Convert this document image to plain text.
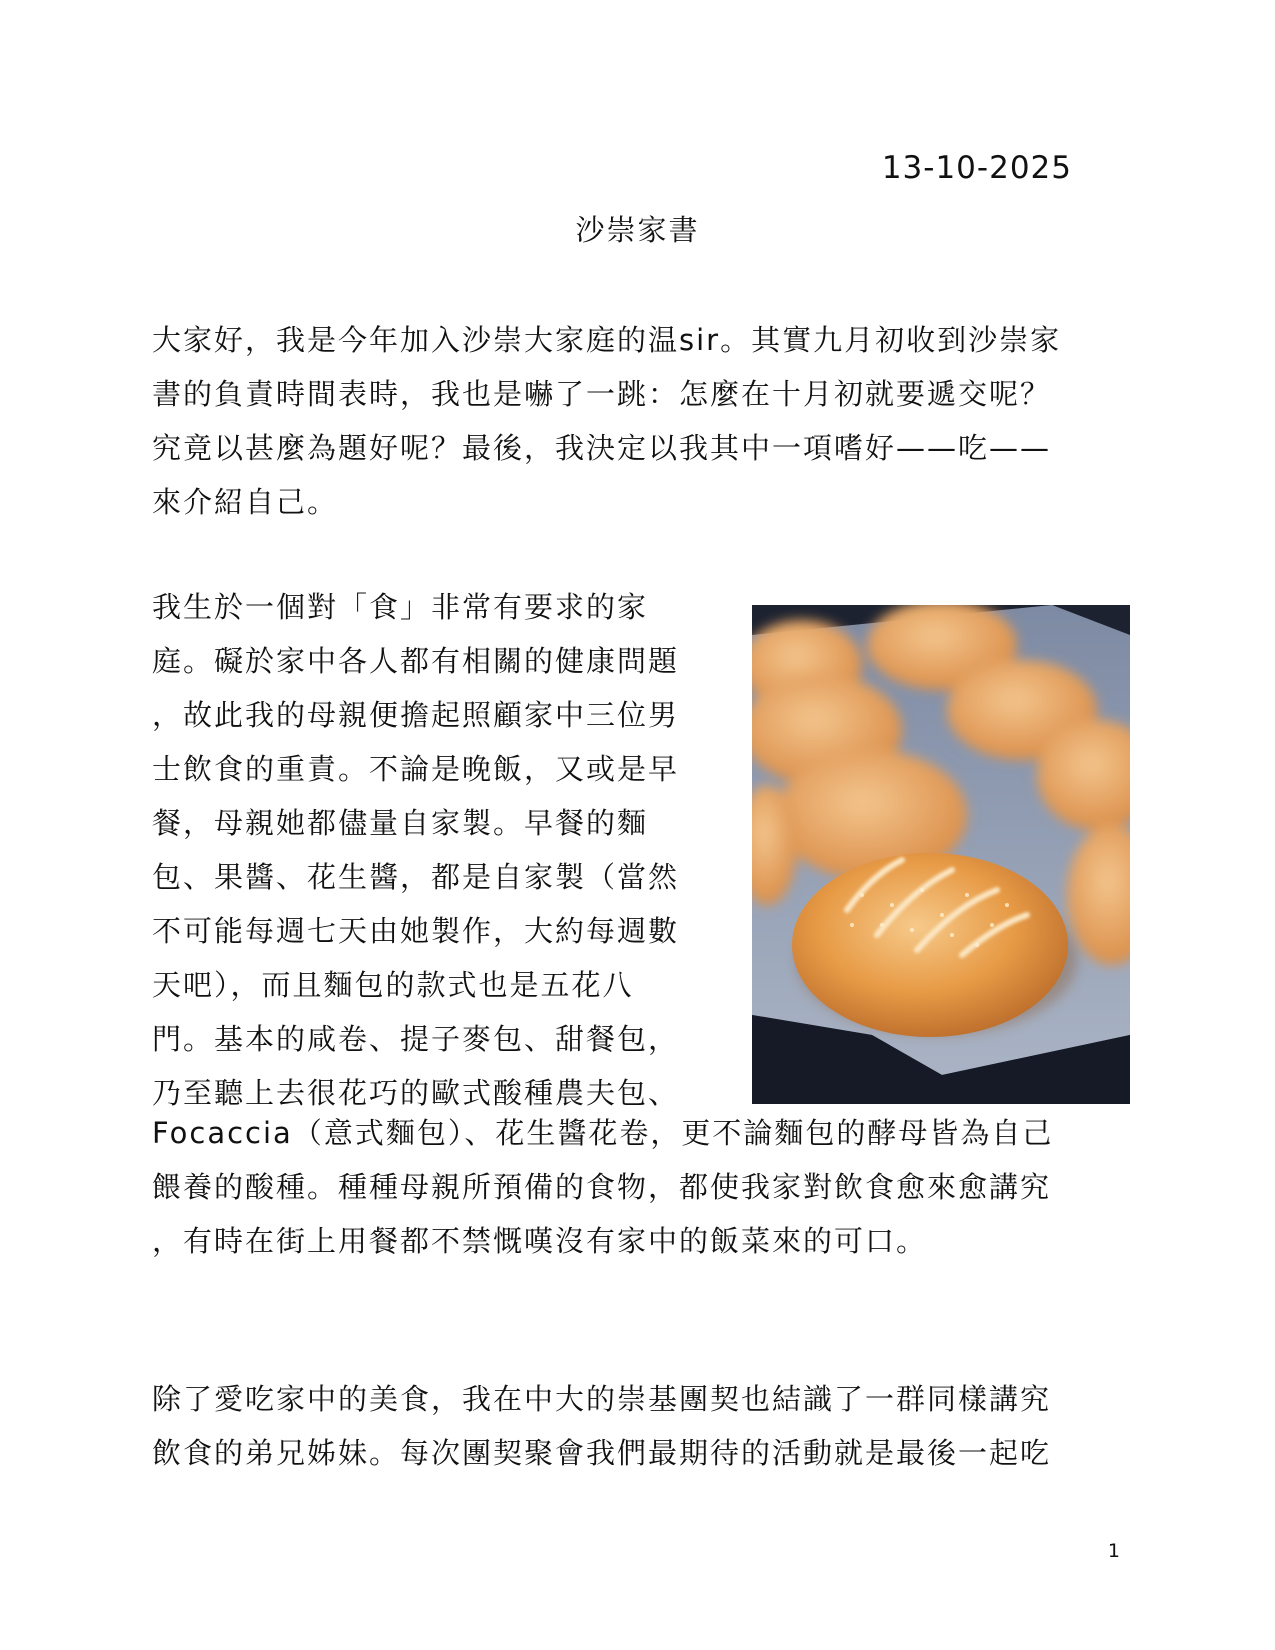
13-10-2025
沙崇家書
大家好，我是今年加入沙崇大家庭的温sir。其實九月初收到沙崇家
書的負責時間表時，我也是嚇了一跳：怎麼在十月初就要遞交呢？
究竟以甚麼為題好呢？最後，我決定以我其中一項嗜好——吃——
來介紹自己。
我生於一個對「食」非常有要求的家
庭。礙於家中各人都有相關的健康問題
，故此我的母親便擔起照顧家中三位男
士飲食的重責。不論是晚飯，又或是早
餐，母親她都儘量自家製。早餐的麵
包、果醬、花生醬，都是自家製（當然
不可能每週七天由她製作，大約每週數
天吧），而且麵包的款式也是五花八
門。基本的咸卷、提子麥包、甜餐包，
乃至聽上去很花巧的歐式酸種農夫包、
Focaccia（意式麵包）、花生醬花卷，更不論麵包的酵母皆為自己
餵養的酸種。種種母親所預備的食物，都使我家對飲食愈來愈講究
，有時在街上用餐都不禁慨嘆沒有家中的飯菜來的可口。
除了愛吃家中的美食，我在中大的崇基團契也結識了一群同樣講究
飲食的弟兄姊妹。每次團契聚會我們最期待的活動就是最後一起吃
1
